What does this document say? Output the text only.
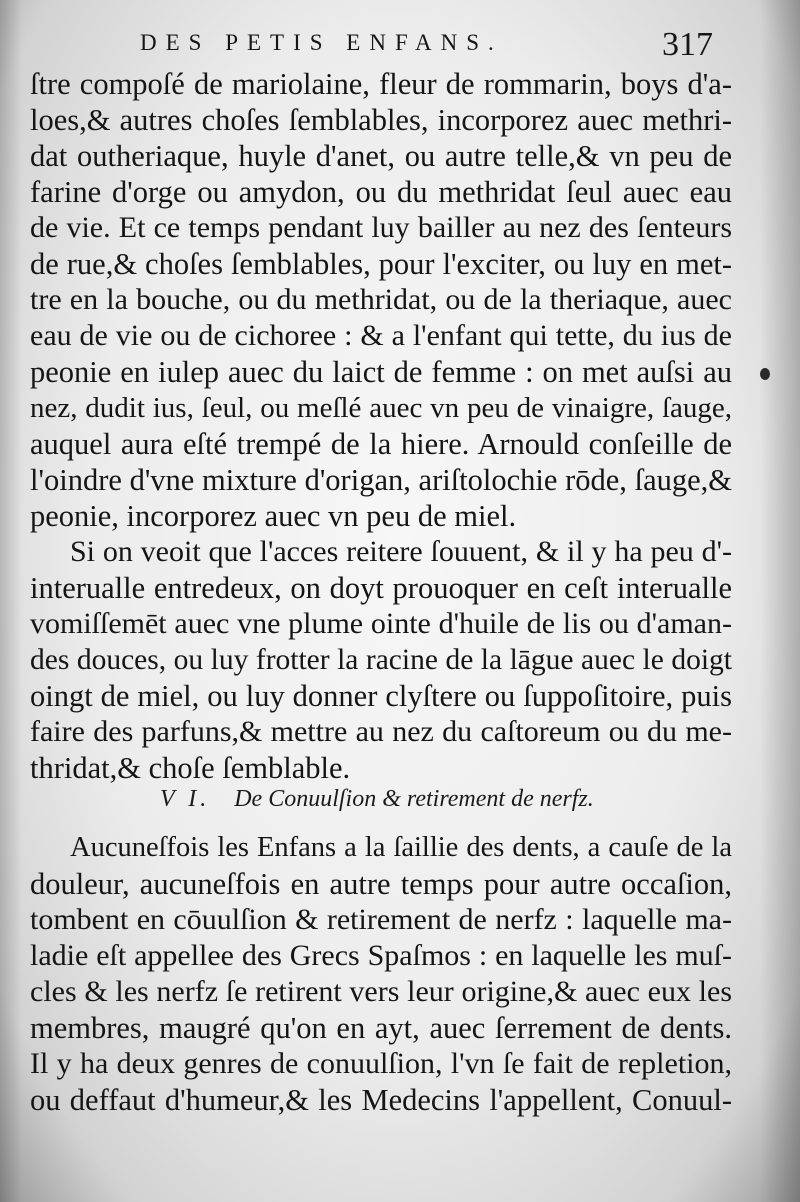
DES PETIS ENFANS.	317
ſtre compoſé de mariolaine, fleur de rommarin, boys d'a-
loes,& autres choſes ſemblables, incorporez auec methri-
dat outheriaque, huyle d'anet, ou autre telle,& vn peu de
farine d'orge ou amydon, ou du methridat ſeul auec eau
de vie. Et ce temps pendant luy bailler au nez des ſenteurs
de rue,& choſes ſemblables, pour l'exciter, ou luy en met-
tre en la bouche, ou du methridat, ou de la theriaque, auec
eau de vie ou de cichoree : & a l'enfant qui tette, du ius de
peonie en iulep auec du laict de femme : on met auſsi au
nez, dudit ius, ſeul, ou meſlé auec vn peu de vinaigre, ſauge,
auquel aura eſté trempé de la hiere. Arnould conſeille de
l'oindre d'vne mixture d'origan, ariſtolochie rōde, ſauge,&
peonie, incorporez auec vn peu de miel.
Si on veoit que l'acces reitere ſouuent, & il y ha peu d'-
interualle entredeux, on doyt prouoquer en ceſt interualle
vomiſſemēt auec vne plume ointe d'huile de lis ou d'aman-
des douces, ou luy frotter la racine de la lāgue auec le doigt
oingt de miel, ou luy donner clyſtere ou ſuppoſitoire, puis
faire des parfuns,& mettre au nez du caſtoreum ou du me-
thridat,& choſe ſemblable.
V I. De Conuulſion & retirement de nerfz.
Aucuneſfois les Enfans a la ſaillie des dents, a cauſe de la
douleur, aucuneſfois en autre temps pour autre occaſion,
tombent en cōuulſion & retirement de nerfz : laquelle ma-
ladie eſt appellee des Grecs Spaſmos : en laquelle les muſ-
cles & les nerfz ſe retirent vers leur origine,& auec eux les
membres, maugré qu'on en ayt, auec ſerrement de dents.
Il y ha deux genres de conuulſion, l'vn ſe fait de repletion,
ou deffaut d'humeur,& les Medecins l'appellent, Conuul-
